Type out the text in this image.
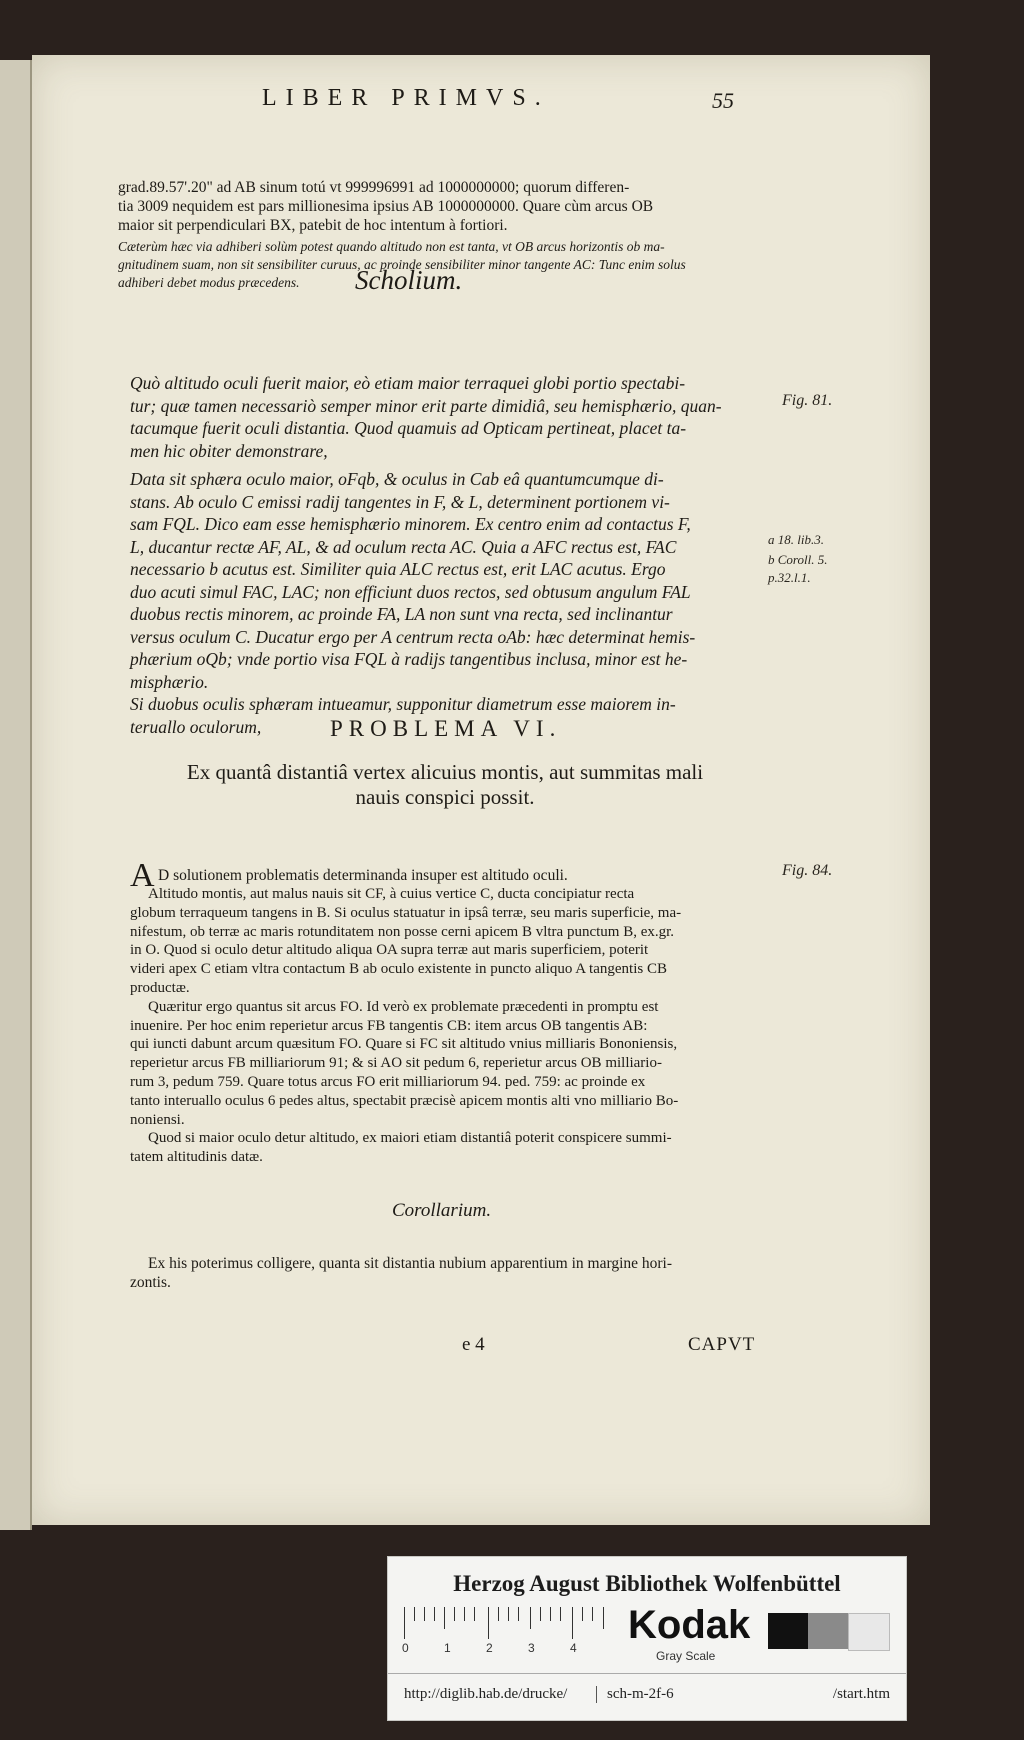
LIBER PRIMVS.	55
grad.89.57'.20" ad AB sinum totú vt 999996991 ad 1000000000; quorum differen-
tia 3009 nequidem est pars millionesima ipsius AB 1000000000. Quare cùm arcus OB
maior sit perpendiculari BX, patebit de hoc intentum à fortiori.
Cæterùm hæc via adhiberi solùm potest quando altitudo non est tanta, vt OB arcus horizontis ob ma-
gnitudinem suam, non sit sensibiliter curuus, ac proinde sensibiliter minor tangente AC: Tunc enim solus
adhiberi debet modus præcedens.	Scholium.
Quò altitudo oculi fuerit maior, eò etiam maior terraquei globi portio spectabi-
tur; quæ tamen necessariò semper minor erit parte dimidiâ, seu hemisphærio, quan-
tacumque fuerit oculi distantia. Quod quamuis ad Opticam pertineat, placet ta-
men hic obiter demonstrare,
Data sit sphæra oculo maior, oFqb, & oculus in Cab eâ quantumcumque di-
stans. Ab oculo C emissi radij tangentes in F, & L, determinent portionem vi-
sam FQL. Dico eam esse hemisphærio minorem. Ex centro enim ad contactus F,
L, ducantur rectæ AF, AL, & ad oculum recta AC. Quia a AFC rectus est, FAC
necessario b acutus est. Similiter quia ALC rectus est, erit LAC acutus. Ergo
duo acuti simul FAC, LAC; non efficiunt duos rectos, sed obtusum angulum FAL
duobus rectis minorem, ac proinde FA, LA non sunt vna recta, sed inclinantur
versus oculum C. Ducatur ergo per A centrum recta oAb: hæc determinat hemis-
phærium oQb; vnde portio visa FQL à radijs tangentibus inclusa, minor est he-
misphærio.
Si duobus oculis sphæram intueamur, supponitur diametrum esse maiorem in-
teruallo oculorum,
Fig. 81.
a 18. lib.3.
b Coroll. 5.
p.32.l.1.
PROBLEMA VI.
Ex quantâ distantiâ vertex alicuius montis, aut summitas mali
nauis conspici possit.
Fig. 84.
A D solutionem problematis determinanda insuper est altitudo oculi.
Altitudo montis, aut malus nauis sit CF, à cuius vertice C, ducta concipiatur recta
globum terraqueum tangens in B. Si oculus statuatur in ipsâ terræ, seu maris superficie, ma-
nifestum, ob terræ ac maris rotunditatem non posse cerni apicem B vltra punctum B, ex.gr.
in O. Quod si oculo detur altitudo aliqua OA supra terræ aut maris superficiem, poterit
videri apex C etiam vltra contactum B ab oculo existente in puncto aliquo A tangentis CB
productæ.
Quæritur ergo quantus sit arcus FO. Id verò ex problemate præcedenti in promptu est
inuenire. Per hoc enim reperietur arcus FB tangentis CB: item arcus OB tangentis AB:
qui iuncti dabunt arcum quæsitum FO. Quare si FC sit altitudo vnius milliaris Bononiensis,
reperietur arcus FB milliariorum 91; & si AO sit pedum 6, reperietur arcus OB milliario-
rum 3, pedum 759. Quare totus arcus FO erit milliariorum 94. ped. 759: ac proinde ex
tanto interuallo oculus 6 pedes altus, spectabit præcisè apicem montis alti vno milliario Bo-
noniensi.
Quod si maior oculo detur altitudo, ex maiori etiam distantiâ poterit conspicere summi-
tatem altitudinis datæ.
Corollarium.
Ex his poterimus colligere, quanta sit distantia nubium apparentium in margine hori-
zontis.
e 4	CAPVT
Herzog August Bibliothek Wolfenbüttel
0	1	2	3	4
Kodak
Gray Scale
http://diglib.hab.de/drucke/	sch-m-2f-6	/start.htm
